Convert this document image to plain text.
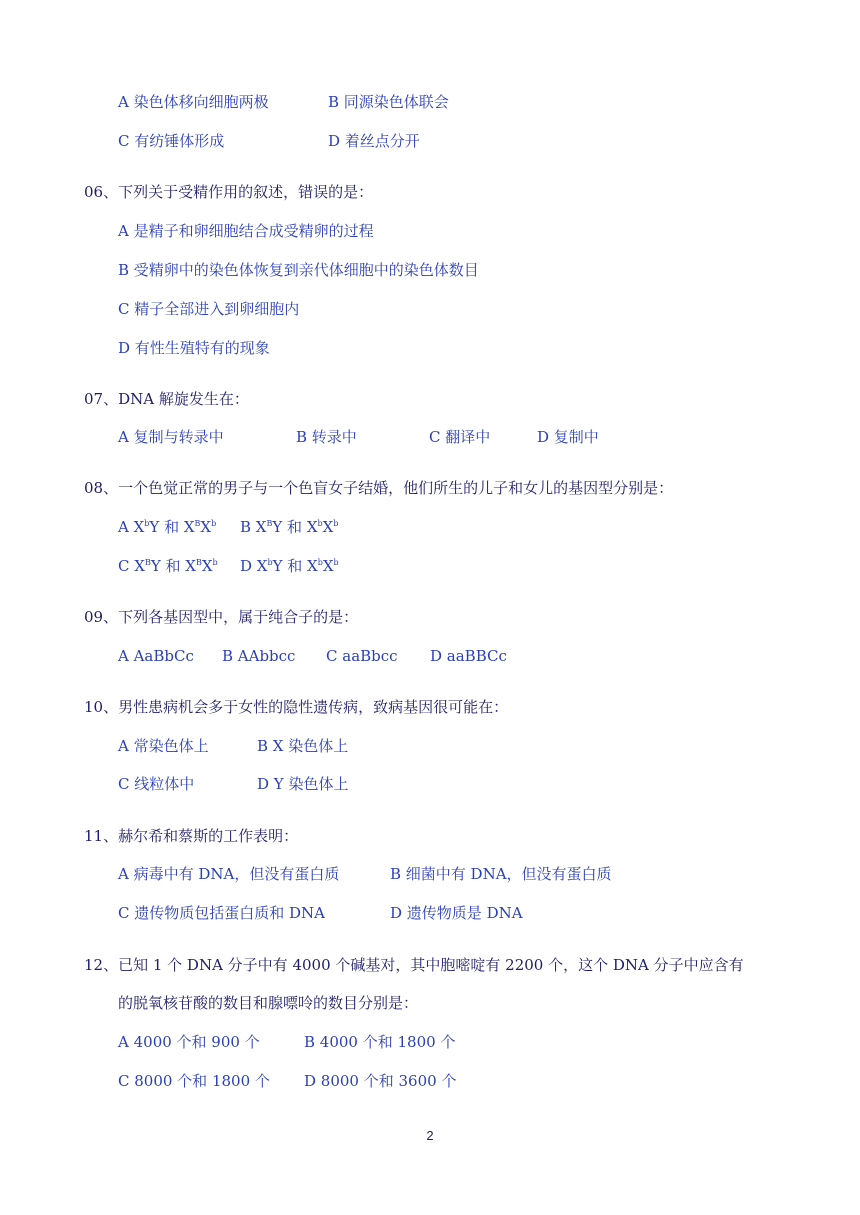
A 染色体移向细胞两极	B 同源染色体联会
C 有纺锤体形成	D 着丝点分开
06、下列关于受精作用的叙述，错误的是：
A 是精子和卵细胞结合成受精卵的过程
B 受精卵中的染色体恢复到亲代体细胞中的染色体数目
C 精子全部进入到卵细胞内
D 有性生殖特有的现象
07、DNA 解旋发生在：
A 复制与转录中	B 转录中	C 翻译中	D 复制中
08、一个色觉正常的男子与一个色盲女子结婚，他们所生的儿子和女儿的基因型分别是：
A $X^bY$ 和 $X^BX^b$ B $X^BY$ 和 $X^bX^b$
C $X^BY$ 和 $X^BX^b$ D $X^bY$ 和 $X^bX^b$
09、下列各基因型中，属于纯合子的是：
A AaBbCc B AAbbcc C aaBbcc D aaBBCc
10、男性患病机会多于女性的隐性遗传病，致病基因很可能在：
A 常染色体上	B X 染色体上
C 线粒体中	D Y 染色体上
11、赫尔希和蔡斯的工作表明：
A 病毒中有 DNA，但没有蛋白质	B 细菌中有 DNA，但没有蛋白质
C 遗传物质包括蛋白质和 DNA	D 遗传物质是 DNA
12、已知 1 个 DNA 分子中有 4000 个碱基对，其中胞嘧啶有 2200 个，这个 DNA 分子中应含有
的脱氧核苷酸的数目和腺嘌呤的数目分别是：
A 4000 个和 900 个	B 4000 个和 1800 个
C 8000 个和 1800 个 D 8000 个和 3600 个
2
